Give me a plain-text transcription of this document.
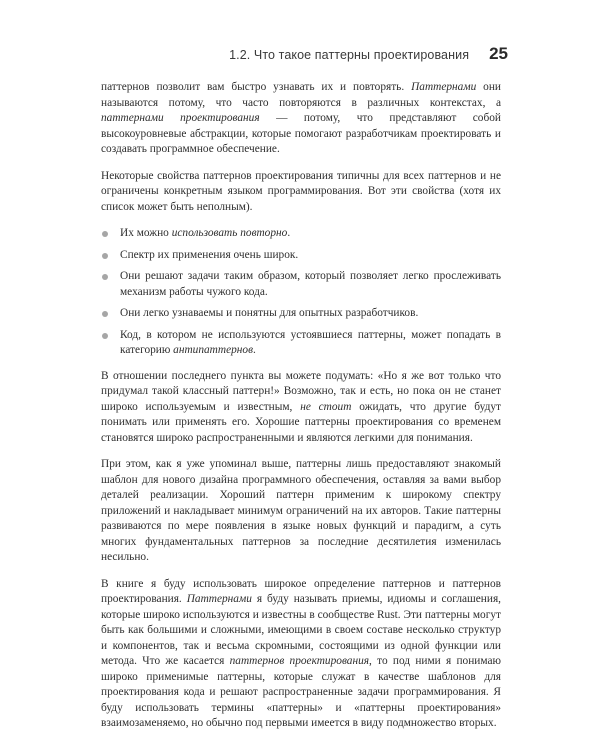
1.2. Что такое паттерны проектирования 25

паттернов позволит вам быстро узнавать их и повторять. Паттернами они называются потому, что часто повторяются в различных контекстах, а паттернами проектирования — потому, что представляют собой высокоуровневые абстракции, которые помогают разработчикам проектировать и создавать программное обеспечение.

Некоторые свойства паттернов проектирования типичны для всех паттернов и не ограничены конкретным языком программирования. Вот эти свойства (хотя их список может быть неполным).

Их можно использовать повторно.
Спектр их применения очень широк.
Они решают задачи таким образом, который позволяет легко прослеживать механизм работы чужого кода.
Они легко узнаваемы и понятны для опытных разработчиков.
Код, в котором не используются устоявшиеся паттерны, может попадать в категорию антипаттернов.

В отношении последнего пункта вы можете подумать: «Но я же вот только что придумал такой классный паттерн!» Возможно, так и есть, но пока он не станет широко используемым и известным, не стоит ожидать, что другие будут понимать или применять его. Хорошие паттерны проектирования со временем становятся широко распространенными и являются легкими для понимания.

При этом, как я уже упоминал выше, паттерны лишь предоставляют знакомый шаблон для нового дизайна программного обеспечения, оставляя за вами выбор деталей реализации. Хороший паттерн применим к широкому спектру приложений и накладывает минимум ограничений на их авторов. Такие паттерны развиваются по мере появления в языке новых функций и парадигм, а суть многих фундаментальных паттернов за последние десятилетия изменилась несильно.

В книге я буду использовать широкое определение паттернов и паттернов проектирования. Паттернами я буду называть приемы, идиомы и соглашения, которые широко используются и известны в сообществе Rust. Эти паттерны могут быть как большими и сложными, имеющими в своем составе несколько структур и компонентов, так и весьма скромными, состоящими из одной функции или метода. Что же касается паттернов проектирования, то под ними я понимаю широко применимые паттерны, которые служат в качестве шаблонов для проектирования кода и решают распространенные задачи программирования. Я буду использовать термины «паттерны» и «паттерны проектирования» взаимозаменяемо, но обычно под первыми имеется в виду подмножество вторых.
